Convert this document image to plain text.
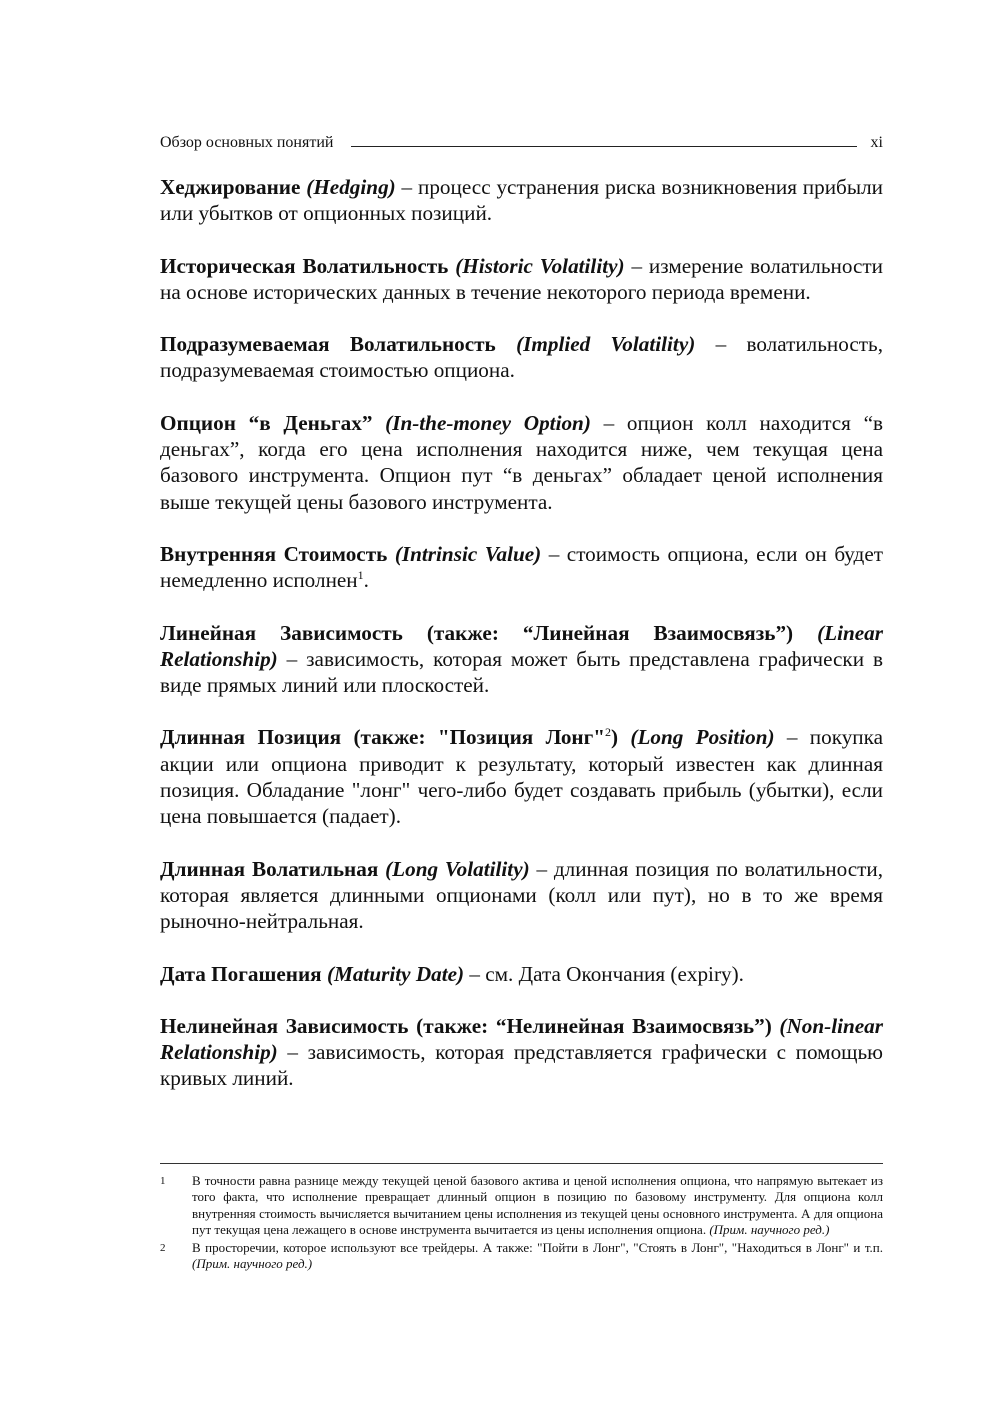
Обзор основных понятий	xi

Хеджирование (Hedging) – процесс устранения риска возникновения прибыли или убытков от опционных позиций.

Историческая Волатильность (Historic Volatility) – измерение волатильности на основе исторических данных в течение некоторого периода времени.

Подразумеваемая Волатильность (Implied Volatility) – волатильность, подразумеваемая стоимостью опциона.

Опцион “в Деньгах” (In-the-money Option) – опцион колл находится “в деньгах”, когда его цена исполнения находится ниже, чем текущая цена базового инструмента. Опцион пут “в деньгах” обладает ценой исполнения выше текущей цены базового инструмента.

Внутренняя Стоимость (Intrinsic Value) – стоимость опциона, если он будет немедленно исполнен$^1$.

Линейная Зависимость (также: “Линейная Взаимосвязь”) (Linear Relationship) – зависимость, которая может быть представлена графически в виде прямых линий или плоскостей.

Длинная Позиция (также: "Позиция Лонг"$^2$) (Long Position) – покупка акции или опциона приводит к результату, который известен как длинная позиция. Обладание "лонг" чего-либо будет создавать прибыль (убытки), если цена повышается (падает).

Длинная Волатильная (Long Volatility) – длинная позиция по волатильности, которая является длинными опционами (колл или пут), но в то же время рыночно-нейтральная.

Дата Погашения (Maturity Date) – см. Дата Окончания (expiry).

Нелинейная Зависимость (также: “Нелинейная Взаимосвязь”) (Non-linear Relationship) – зависимость, которая представляется графически с помощью кривых линий.

1	В точности равна разнице между текущей ценой базового актива и ценой исполнения опциона, что напрямую вытекает из того факта, что исполнение превращает длинный опцион в позицию по базовому инструменту. Для опциона колл внутренняя стоимость вычисляется вычитанием цены исполнения из текущей цены основного инструмента. А для опциона пут текущая цена лежащего в основе инструмента вычитается из цены исполнения опциона. (Прим. научного ред.)
2	В просторечии, которое используют все трейдеры. А также: "Пойти в Лонг", "Стоять в Лонг", "Находиться в Лонг" и т.п. (Прим. научного ред.)
